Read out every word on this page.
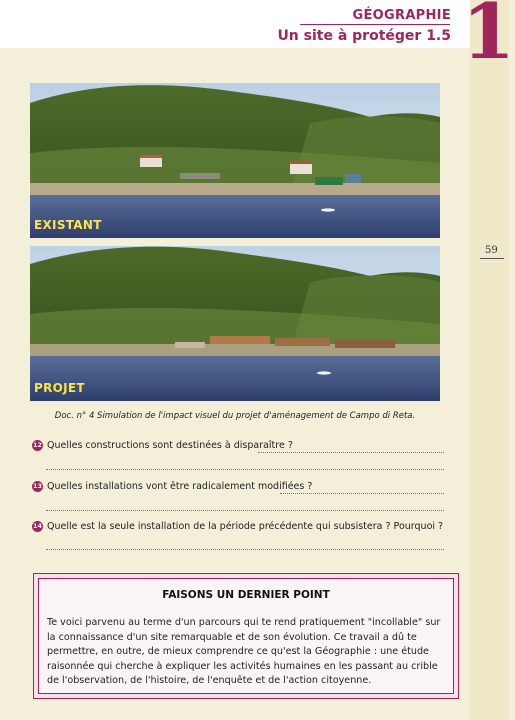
GÉOGRAPHIE
Un site à protéger 1.5 1
59
EXISTANT
PROJET
Doc. n° 4 Simulation de l'impact visuel du projet d'aménagement de Campo di Reta.
12 Quelles constructions sont destinées à disparaître ?
13 Quelles installations vont être radicalement modifiées ?
14 Quelle est la seule installation de la période précédente qui subsistera ? Pourquoi ?
FAISONS UN DERNIER POINT
Te voici parvenu au terme d'un parcours qui te rend pratiquement "incollable" sur la connaissance d'un site remarquable et de son évolution. Ce travail a dû te permettre, en outre, de mieux comprendre ce qu'est la Géographie : une étude raisonnée qui cherche à expliquer les activités humaines en les passant au crible de l'observation, de l'histoire, de l'enquête et de l'action citoyenne.
